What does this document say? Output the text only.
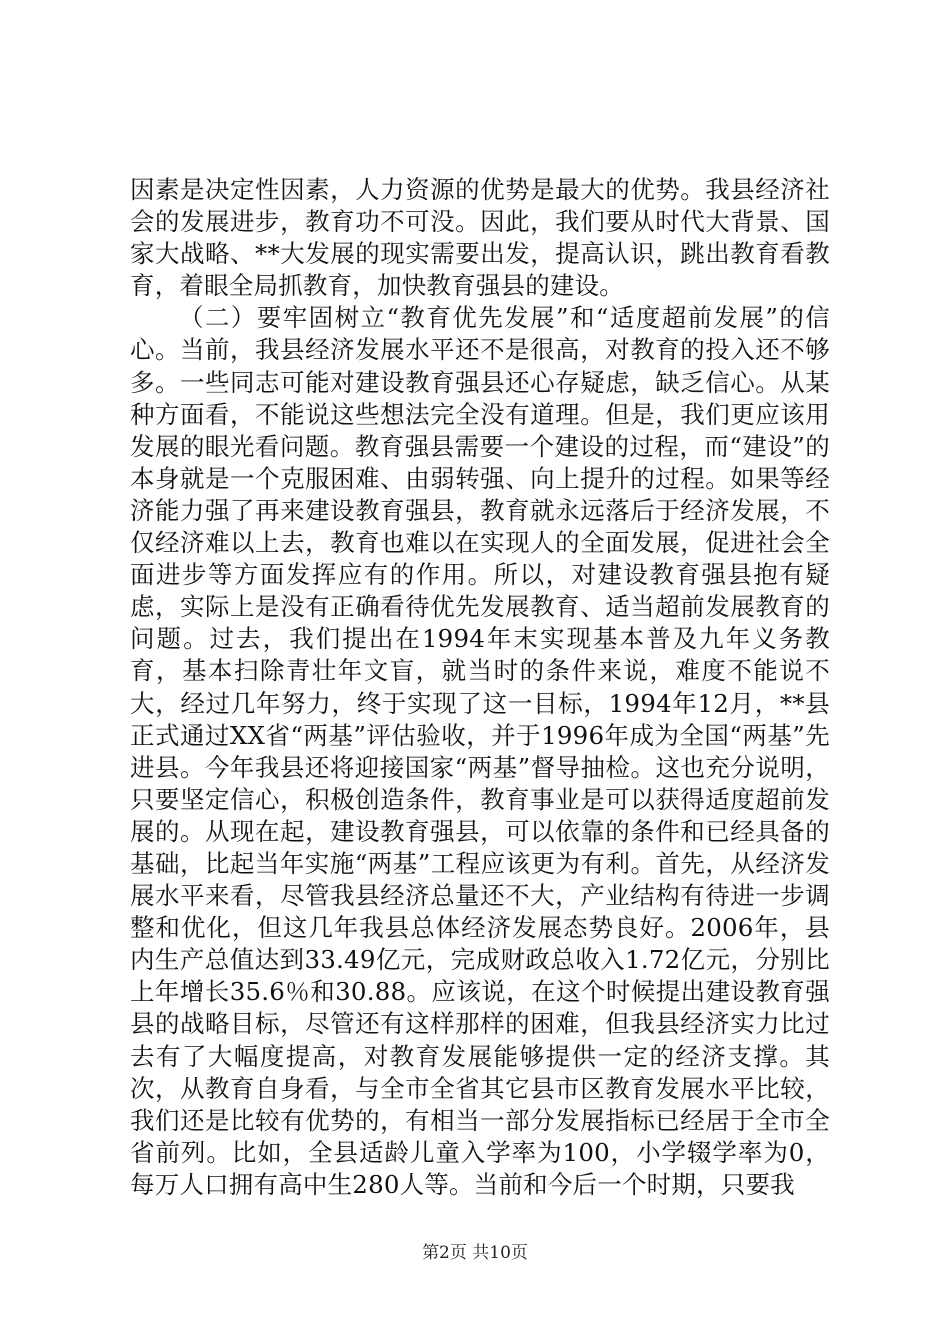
因素是决定性因素，人力资源的优势是最大的优势。我县经济社会的发展进步，教育功不可没。因此，我们要从时代大背景、国家大战略、**大发展的现实需要出发，提高认识，跳出教育看教育，着眼全局抓教育，加快教育强县的建设。

（二）要牢固树立“教育优先发展”和“适度超前发展”的信心。当前，我县经济发展水平还不是很高，对教育的投入还不够多。一些同志可能对建设教育强县还心存疑虑，缺乏信心。从某种方面看，不能说这些想法完全没有道理。但是，我们更应该用发展的眼光看问题。教育强县需要一个建设的过程，而“建设”的本身就是一个克服困难、由弱转强、向上提升的过程。如果等经济能力强了再来建设教育强县，教育就永远落后于经济发展，不仅经济难以上去，教育也难以在实现人的全面发展，促进社会全面进步等方面发挥应有的作用。所以，对建设教育强县抱有疑虑，实际上是没有正确看待优先发展教育、适当超前发展教育的问题。过去，我们提出在1994年末实现基本普及九年义务教育，基本扫除青壮年文盲，就当时的条件来说，难度不能说不大，经过几年努力，终于实现了这一目标，1994年12月，**县正式通过XX省“两基”评估验收，并于1996年成为全国“两基”先进县。今年我县还将迎接国家“两基”督导抽检。这也充分说明，只要坚定信心，积极创造条件，教育事业是可以获得适度超前发展的。从现在起，建设教育强县，可以依靠的条件和已经具备的基础，比起当年实施“两基”工程应该更为有利。首先，从经济发展水平来看，尽管我县经济总量还不大，产业结构有待进一步调整和优化，但这几年我县总体经济发展态势良好。2006年，县内生产总值达到33.49亿元，完成财政总收入1.72亿元，分别比上年增长35.6％和30.88。应该说，在这个时候提出建设教育强县的战略目标，尽管还有这样那样的困难，但我县经济实力比过去有了大幅度提高，对教育发展能够提供一定的经济支撑。其次，从教育自身看，与全市全省其它县市区教育发展水平比较，我们还是比较有优势的，有相当一部分发展指标已经居于全市全省前列。比如，全县适龄儿童入学率为100，小学辍学率为0，每万人口拥有高中生280人等。当前和今后一个时期，只要我

第2页 共10页
